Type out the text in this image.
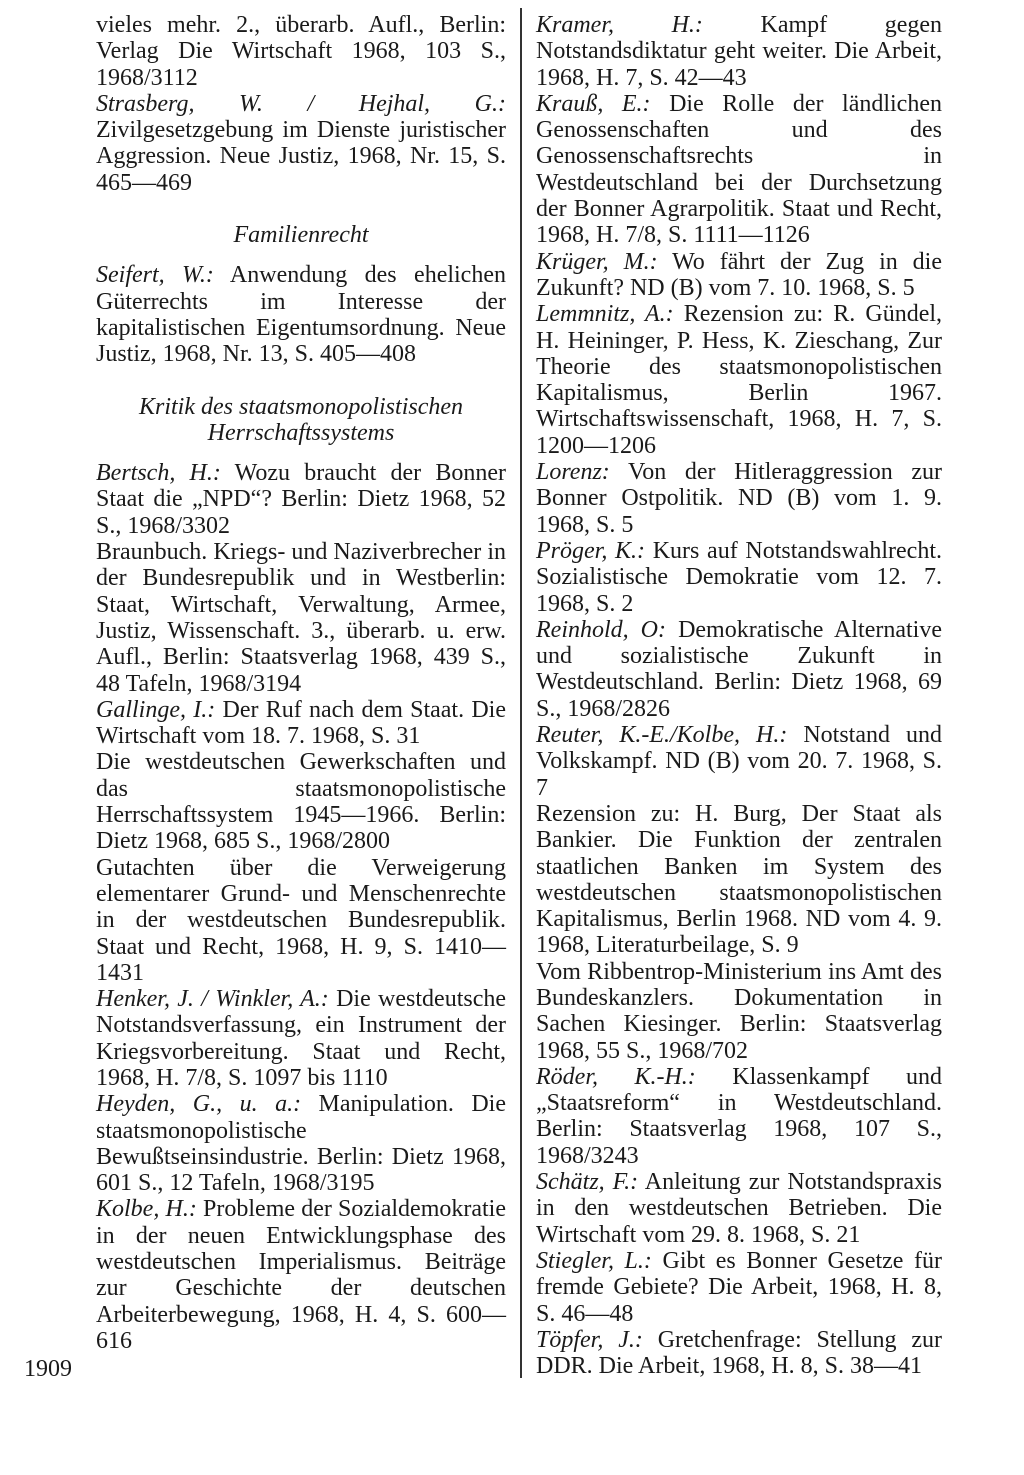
vieles mehr. 2., überarb. Aufl., Berlin: Verlag Die Wirtschaft 1968, 103 S., 1968/3112

Strasberg, W. / Hejhal, G.: Zivilgesetzgebung im Dienste juristischer Aggression. Neue Justiz, 1968, Nr. 15, S. 465—469

Familienrecht

Seifert, W.: Anwendung des ehelichen Güterrechts im Interesse der kapitalistischen Eigentumsordnung. Neue Justiz, 1968, Nr. 13, S. 405—408

Kritik des staatsmonopolistischen Herrschaftssystems

Bertsch, H.: Wozu braucht der Bonner Staat die „NPD“? Berlin: Dietz 1968, 52 S., 1968/3302

Braunbuch. Kriegs- und Naziverbrecher in der Bundesrepublik und in Westberlin: Staat, Wirtschaft, Verwaltung, Armee, Justiz, Wissenschaft. 3., überarb. u. erw. Aufl., Berlin: Staatsverlag 1968, 439 S., 48 Tafeln, 1968/3194

Gallinge, I.: Der Ruf nach dem Staat. Die Wirtschaft vom 18. 7. 1968, S. 31

Die westdeutschen Gewerkschaften und das staatsmonopolistische Herrschaftssystem 1945—1966. Berlin: Dietz 1968, 685 S., 1968/2800

Gutachten über die Verweigerung elementarer Grund- und Menschenrechte in der westdeutschen Bundesrepublik. Staat und Recht, 1968, H. 9, S. 1410—1431

Henker, J. / Winkler, A.: Die westdeutsche Notstandsverfassung, ein Instrument der Kriegsvorbereitung. Staat und Recht, 1968, H. 7/8, S. 1097 bis 1110

Heyden, G., u. a.: Manipulation. Die staatsmonopolistische Bewußtseinsindustrie. Berlin: Dietz 1968, 601 S., 12 Tafeln, 1968/3195

Kolbe, H.: Probleme der Sozialdemokratie in der neuen Entwicklungsphase des westdeutschen Imperialismus. Beiträge zur Geschichte der deutschen Arbeiterbewegung, 1968, H. 4, S. 600—616

Kramer, H.: Kampf gegen Notstandsdiktatur geht weiter. Die Arbeit, 1968, H. 7, S. 42—43

Krauß, E.: Die Rolle der ländlichen Genossenschaften und des Genossenschaftsrechts in Westdeutschland bei der Durchsetzung der Bonner Agrarpolitik. Staat und Recht, 1968, H. 7/8, S. 1111—1126

Krüger, M.: Wo fährt der Zug in die Zukunft? ND (B) vom 7. 10. 1968, S. 5

Lemmnitz, A.: Rezension zu: R. Gündel, H. Heininger, P. Hess, K. Zieschang, Zur Theorie des staatsmonopolistischen Kapitalismus, Berlin 1967. Wirtschaftswissenschaft, 1968, H. 7, S. 1200—1206

Lorenz: Von der Hitleraggression zur Bonner Ostpolitik. ND (B) vom 1. 9. 1968, S. 5

Pröger, K.: Kurs auf Notstandswahlrecht. Sozialistische Demokratie vom 12. 7. 1968, S. 2

Reinhold, O: Demokratische Alternative und sozialistische Zukunft in Westdeutschland. Berlin: Dietz 1968, 69 S., 1968/2826

Reuter, K.-E./Kolbe, H.: Notstand und Volkskampf. ND (B) vom 20. 7. 1968, S. 7

Rezension zu: H. Burg, Der Staat als Bankier. Die Funktion der zentralen staatlichen Banken im System des westdeutschen staatsmonopolistischen Kapitalismus, Berlin 1968. ND vom 4. 9. 1968, Literaturbeilage, S. 9

Vom Ribbentrop-Ministerium ins Amt des Bundeskanzlers. Dokumentation in Sachen Kiesinger. Berlin: Staatsverlag 1968, 55 S., 1968/702

Röder, K.-H.: Klassenkampf und „Staatsreform“ in Westdeutschland. Berlin: Staatsverlag 1968, 107 S., 1968/3243

Schätz, F.: Anleitung zur Notstandspraxis in den westdeutschen Betrieben. Die Wirtschaft vom 29. 8. 1968, S. 21

Stiegler, L.: Gibt es Bonner Gesetze für fremde Gebiete? Die Arbeit, 1968, H. 8, S. 46—48

Töpfer, J.: Gretchenfrage: Stellung zur DDR. Die Arbeit, 1968, H. 8, S. 38—41

1909
